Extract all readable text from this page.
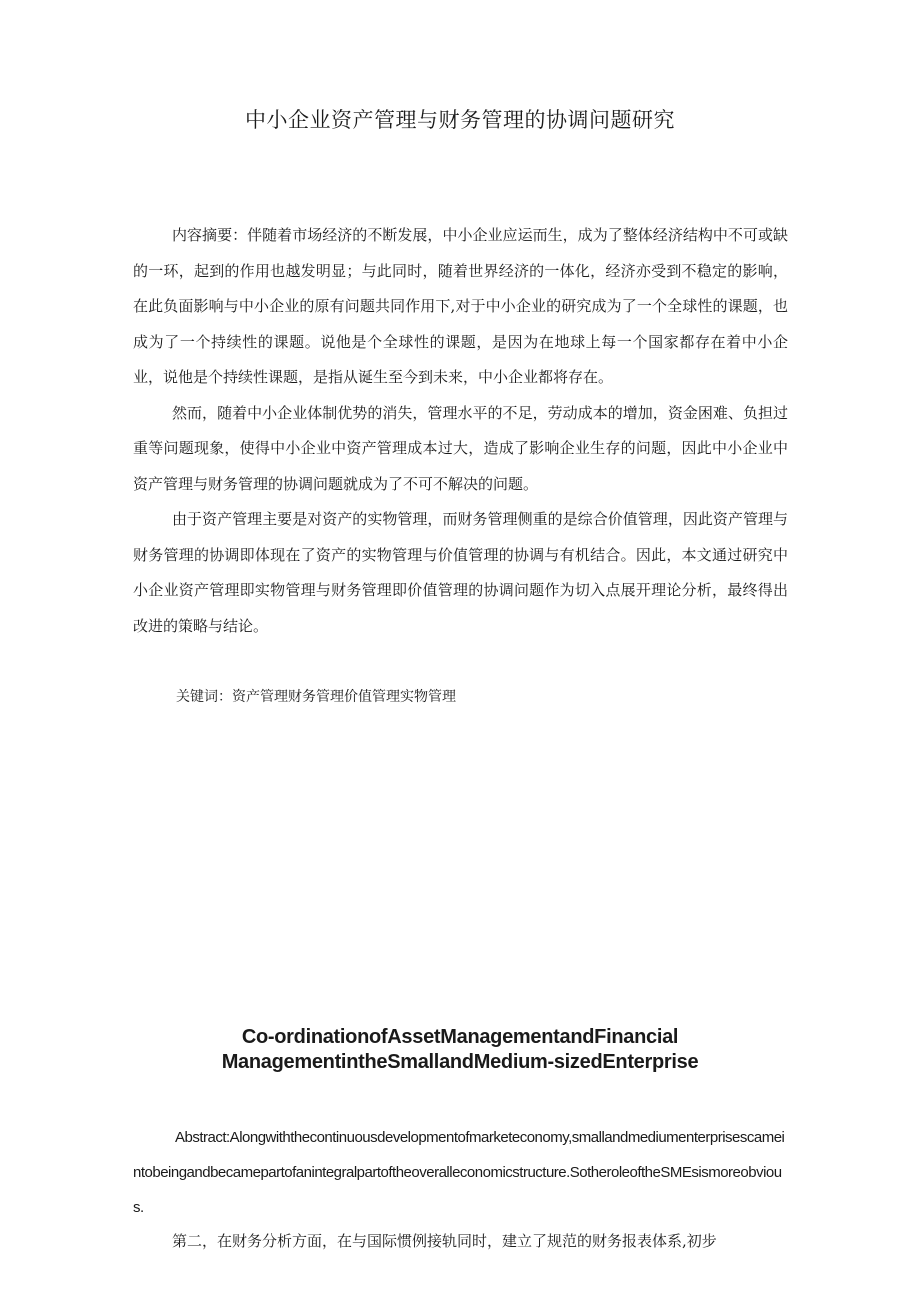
中小企业资产管理与财务管理的协调问题研究

内容摘要：伴随着市场经济的不断发展，中小企业应运而生，成为了整体经济结构中不可或缺的一环，起到的作用也越发明显；与此同时，随着世界经济的一体化，经济亦受到不稳定的影响，在此负面影响与中小企业的原有问题共同作用下,对于中小企业的研究成为了一个全球性的课题，也成为了一个持续性的课题。说他是个全球性的课题，是因为在地球上每一个国家都存在着中小企业，说他是个持续性课题，是指从诞生至今到未来，中小企业都将存在。

然而，随着中小企业体制优势的消失，管理水平的不足，劳动成本的增加，资金困难、负担过重等问题现象，使得中小企业中资产管理成本过大，造成了影响企业生存的问题，因此中小企业中资产管理与财务管理的协调问题就成为了不可不解决的问题。

由于资产管理主要是对资产的实物管理，而财务管理侧重的是综合价值管理，因此资产管理与财务管理的协调即体现在了资产的实物管理与价值管理的协调与有机结合。因此，本文通过研究中小企业资产管理即实物管理与财务管理即价值管理的协调问题作为切入点展开理论分析，最终得出改进的策略与结论。

关键词：资产管理财务管理价值管理实物管理

Co-ordinationofAssetManagementandFinancial
ManagementintheSmallandMedium-sizedEnterprise

Abstract:Alongwiththecontinuousdevelopmentofmarketeconomy,smallandmediumenterprisescameintobeingandbecamepartofanintegralpartoftheoveralleconomicstructure.SotheroleoftheSMEsismoreobvious.

第二，在财务分析方面，在与国际惯例接轨同时，建立了规范的财务报表体系,初步
